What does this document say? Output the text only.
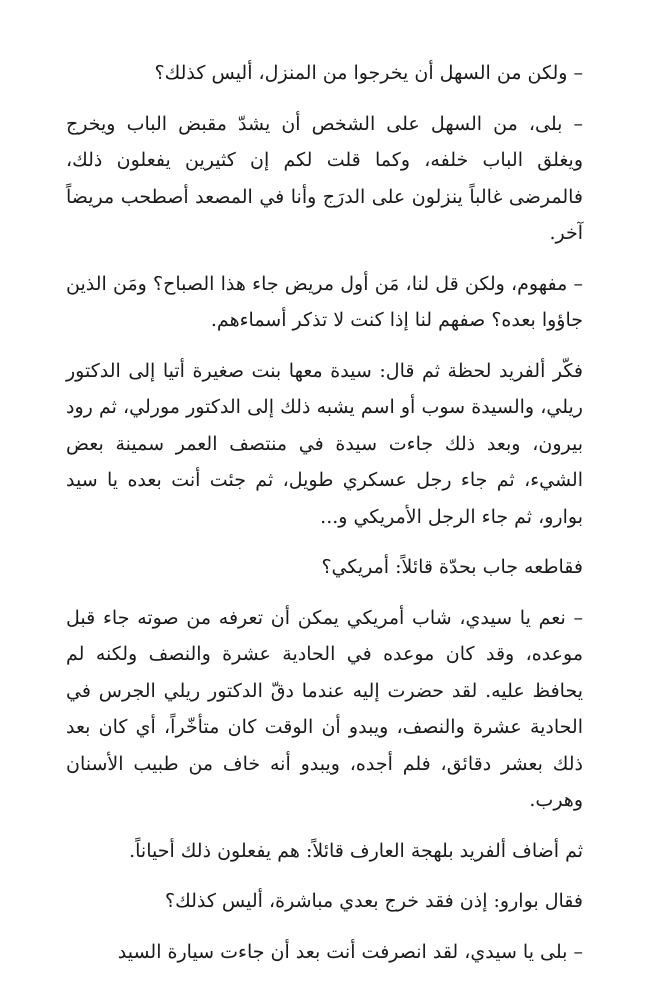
– ولكن من السهل أن يخرجوا من المنزل، أليس كذلك؟

– بلى، من السهل على الشخص أن يشدّ مقبض الباب ويخرج ويغلق الباب خلفه، وكما قلت لكم إن كثيرين يفعلون ذلك، فالمرضى غالباً ينزلون على الدرَج وأنا في المصعد أصطحب مريضاً آخر.

– مفهوم، ولكن قل لنا، مَن أول مريض جاء هذا الصباح؟ ومَن الذين جاؤوا بعده؟ صفهم لنا إذا كنت لا تذكر أسماءهم.

فكّر ألفريد لحظة ثم قال: سيدة معها بنت صغيرة أتيا إلى الدكتور ريلي، والسيدة سوب أو اسم يشبه ذلك إلى الدكتور مورلي، ثم رود بيرون، وبعد ذلك جاءت سيدة في منتصف العمر سمينة بعض الشيء، ثم جاء رجل عسكري طويل، ثم جئت أنت بعده يا سيد بوارو، ثم جاء الرجل الأمريكي و...

فقاطعه جاب بحدّة قائلاً: أمريكي؟

– نعم يا سيدي، شاب أمريكي يمكن أن تعرفه من صوته جاء قبل موعده، وقد كان موعده في الحادية عشرة والنصف ولكنه لم يحافظ عليه. لقد حضرت إليه عندما دقّ الدكتور ريلي الجرس في الحادية عشرة والنصف، ويبدو أن الوقت كان متأخّراً، أي كان بعد ذلك بعشر دقائق، فلم أجده، ويبدو أنه خاف من طبيب الأسنان وهرب.

ثم أضاف ألفريد بلهجة العارف قائلاً: هم يفعلون ذلك أحياناً.

فقال بوارو: إذن فقد خرج بعدي مباشرة، أليس كذلك؟

– بلى يا سيدي، لقد انصرفت أنت بعد أن جاءت سيارة السيد
